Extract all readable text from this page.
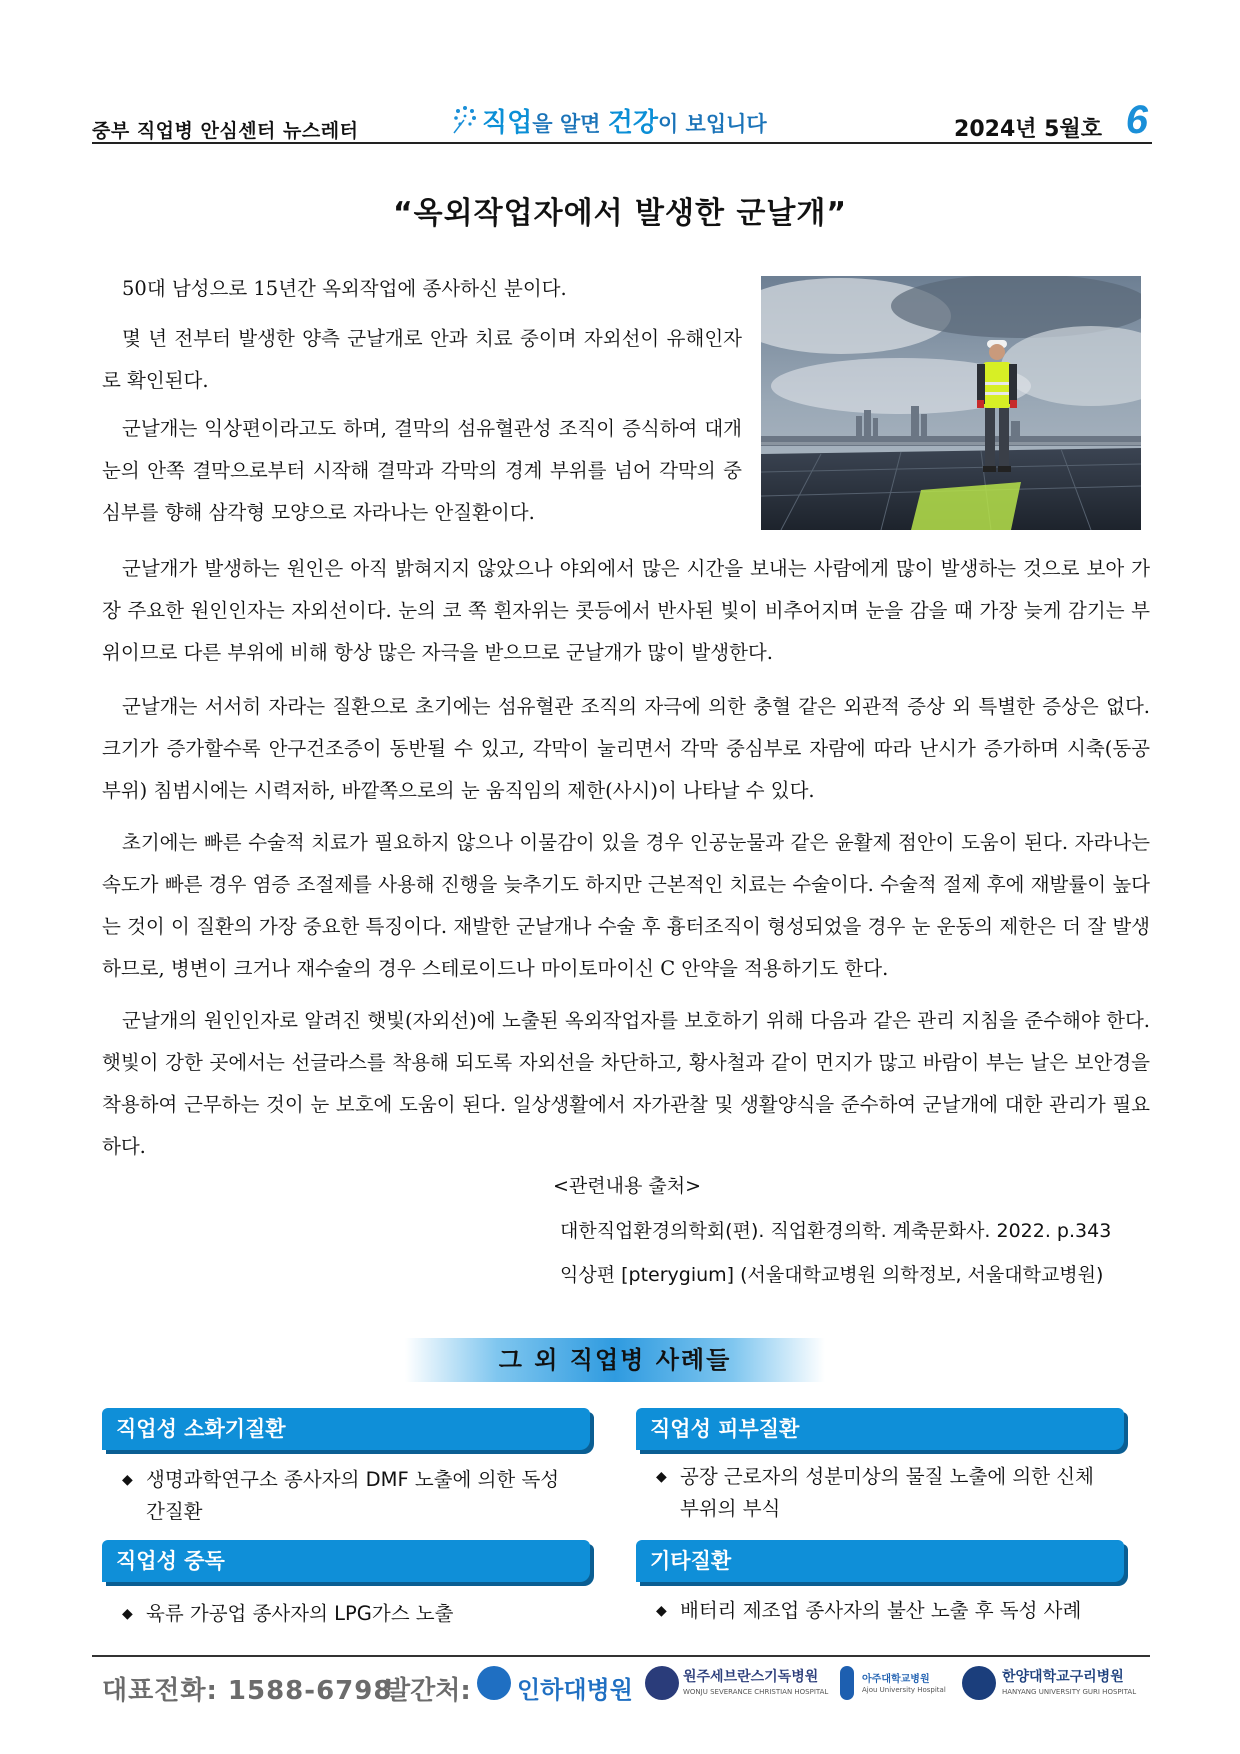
중부 직업병 안심센터 뉴스레터	직업을 알면 건강이 보입니다	2024년 5월호 6
“옥외작업자에서 발생한 군날개”
50대 남성으로 15년간 옥외작업에 종사하신 분이다.
몇 년 전부터 발생한 양측 군날개로 안과 치료 중이며 자외선이 유해인자로 확인된다.
군날개는 익상편이라고도 하며, 결막의 섬유혈관성 조직이 증식하여 대개 눈의 안쪽 결막으로부터 시작해 결막과 각막의 경계 부위를 넘어 각막의 중심부를 향해 삼각형 모양으로 자라나는 안질환이다.
군날개가 발생하는 원인은 아직 밝혀지지 않았으나 야외에서 많은 시간을 보내는 사람에게 많이 발생하는 것으로 보아 가장 주요한 원인인자는 자외선이다. 눈의 코 쪽 흰자위는 콧등에서 반사된 빛이 비추어지며 눈을 감을 때 가장 늦게 감기는 부위이므로 다른 부위에 비해 항상 많은 자극을 받으므로 군날개가 많이 발생한다.
군날개는 서서히 자라는 질환으로 초기에는 섬유혈관 조직의 자극에 의한 충혈 같은 외관적 증상 외 특별한 증상은 없다. 크기가 증가할수록 안구건조증이 동반될 수 있고, 각막이 눌리면서 각막 중심부로 자람에 따라 난시가 증가하며 시축(동공 부위) 침범시에는 시력저하, 바깥쪽으로의 눈 움직임의 제한(사시)이 나타날 수 있다.
초기에는 빠른 수술적 치료가 필요하지 않으나 이물감이 있을 경우 인공눈물과 같은 윤활제 점안이 도움이 된다. 자라나는 속도가 빠른 경우 염증 조절제를 사용해 진행을 늦추기도 하지만 근본적인 치료는 수술이다. 수술적 절제 후에 재발률이 높다는 것이 이 질환의 가장 중요한 특징이다. 재발한 군날개나 수술 후 흉터조직이 형성되었을 경우 눈 운동의 제한은 더 잘 발생하므로, 병변이 크거나 재수술의 경우 스테로이드나 마이토마이신 C 안약을 적용하기도 한다.
군날개의 원인인자로 알려진 햇빛(자외선)에 노출된 옥외작업자를 보호하기 위해 다음과 같은 관리 지침을 준수해야 한다. 햇빛이 강한 곳에서는 선글라스를 착용해 되도록 자외선을 차단하고, 황사철과 같이 먼지가 많고 바람이 부는 날은 보안경을 착용하여 근무하는 것이 눈 보호에 도움이 된다. 일상생활에서 자가관찰 및 생활양식을 준수하여 군날개에 대한 관리가 필요하다.
<관련내용 출처>
대한직업환경의학회(편). 직업환경의학. 계축문화사. 2022. p.343
익상편 [pterygium] (서울대학교병원 의학정보, 서울대학교병원)
그 외 직업병 사례들
직업성 소화기질환
◆ 생명과학연구소 종사자의 DMF 노출에 의한 독성 간질환
직업성 피부질환
◆ 공장 근로자의 성분미상의 물질 노출에 의한 신체부위의 부식
직업성 중독
◆ 육류 가공업 종사자의 LPG가스 노출
기타질환
◆ 배터리 제조업 종사자의 불산 노출 후 독성 사례
대표전화: 1588-6798
발간처: 인하대병원	원주세브란스기독병원
WONJU SEVERANCE CHRISTIAN HOSPITAL
아주대학교병원
Ajou University Hospital
한양대학교구리병원
HANYANG UNIVERSITY GURI HOSPITAL
